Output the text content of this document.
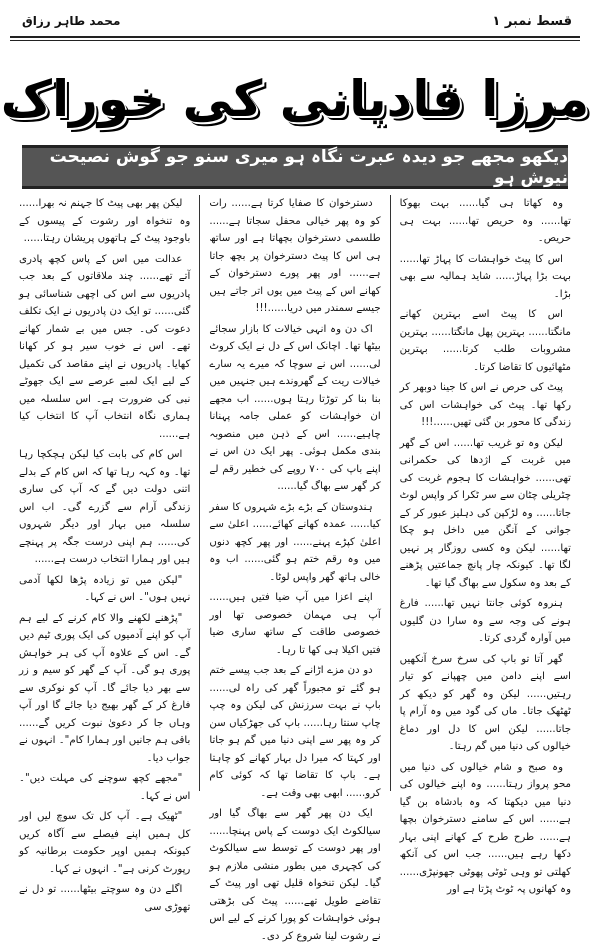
قسط نمبر ۱
محمد طاہر رزاق
مرزا قادیانی کی خوراک
دیکھو مجھے جو دیدہ عبرت نگاہ ہو میری سنو جو گوش نصیحت نیوش ہو

وہ کھاتا ہی گیا...... بہت بھوکا تھا...... وہ حریص تھا...... بہت ہی حریص۔

اس کا پیٹ خواہشات کا پہاڑ تھا...... بہت بڑا پہاڑ...... شاید ہمالیہ سے بھی بڑا۔

اس کا پیٹ اسے بہترین کھانے مانگتا...... بہترین پھل مانگتا...... بہترین مشروبات طلب کرتا...... بہترین مٹھائیوں کا تقاضا کرتا۔

پیٹ کی حرص نے اس کا جینا دوبھر کر رکھا تھا۔ پیٹ کی خواہشات اس کی زندگی کا محور بن گئی تھیں......!!!

لیکن وہ تو غریب تھا...... اس کے گھر میں غربت کے اژدھا کی حکمرانی تھی...... خواہشات کا ہجوم غربت کی چٹریلی چٹان سے سر ٹکرا کر واپس لوٹ جاتا...... وہ لڑکپن کی دہلیز عبور کر کے جوانی کے آنگن میں داخل ہو چکا تھا...... لیکن وہ کسی روزگار پر نہیں لگا تھا۔ کیونکہ چار پانچ جماعتیں پڑھنے کے بعد وہ سکول سے بھاگ گیا تھا۔

ہنروہ کوئی جانتا نہیں تھا...... فارغ ہونے کی وجہ سے وہ سارا دن گلیوں میں آوارہ گردی کرتا۔

گھر آتا تو باپ کی سرخ سرخ آنکھیں اسے اپنے دامن میں چھپانے کو تیار رہتیں...... لیکن وہ گھر کو دیکھ کر ٹھٹھک جاتا۔ ماں کی گود میں وہ آرام پا جاتا...... لیکن اس کا دل اور دماغ خیالوں کی دنیا میں گم رہتا۔

وہ صبح و شام خیالوں کی دنیا میں محو پرواز رہتا...... وہ اپنے خیالوں کی دنیا میں دیکھتا کہ وہ بادشاہ بن گیا ہے...... اس کے سامنے دسترخوان بچھا ہے...... طرح طرح کے کھانے اپنی بہار دکھا رہے ہیں...... جب اس کی آنکھ کھلتی تو وہی ٹوٹی پھوٹی جھونپڑی...... وہ کھانوں پہ ٹوٹ پڑتا ہے اور

دسترخوان کا صفایا کرتا ہے...... رات کو وہ پھر خیالی محفل سجاتا ہے...... طلسمی دسترخوان بچھاتا ہے اور ساتھ ہی اس کا پیٹ دسترخوان پر بچھ جاتا ہے...... اور پھر پورے دسترخوان کے کھانے اس کے پیٹ میں یوں اتر جاتے ہیں جیسے سمندر میں دریا......!!!

اک دن وہ انہی خیالات کا بازار سجائے بیٹھا تھا۔ اچانک اس کے دل نے ایک کروٹ لی...... اس نے سوچا کہ میرے یہ سارے خیالات ریت کے گھروندے ہیں جنہیں میں بنا بنا کر توڑتا رہتا ہوں...... اب مجھے ان خواہشات کو عملی جامہ پہنانا چاہیے...... اس کے ذہن میں منصوبہ بندی مکمل ہوئی۔ پھر ایک دن اس نے اپنے باپ کی ۷۰۰ روپے کی خطیر رقم لے کر گھر سے بھاگ گیا......

ہندوستان کے بڑے بڑے شہروں کا سفر کیا...... عمدہ کھانے کھائے...... اعلیٰ سے اعلیٰ کپڑے پہنے...... اور پھر کچھ دنوں میں وہ رقم ختم ہو گئی...... اب وہ خالی ہاتھ گھر واپس لوٹا۔

اپنے اعزا میں آپ ضیا فتیں ہیں...... آپ ہی مہمان خصوصی تھا اور خصوصی طاقت کے ساتھ ساری ضیا فتیں اکیلا ہی کھا تا رہا۔

دو دن مزے اڑانے کے بعد جب پیسے ختم ہو گئے تو مجبوراً گھر کی راہ لی...... باپ نے بہت سرزنش کی لیکن وہ چپ چاپ سنتا رہا...... باپ کی جھڑکیاں سن کر وہ پھر سے اپنی دنیا میں گم ہو جاتا اور کہتا کہ میرا دل بہار کھانے کو چاہتا ہے۔ باپ کا تقاضا تھا کہ کوئی کام کرو...... ابھی بھی وقت ہے۔

ایک دن پھر گھر سے بھاگ گیا اور سیالکوٹ ایک دوست کے پاس پہنچا...... اور پھر دوست کے توسط سے سیالکوٹ کی کچہری میں بطور منشی ملازم ہو گیا۔ لیکن تنخواہ قلیل تھی اور پیٹ کے تقاضے طویل تھے...... پیٹ کی بڑھتی ہوئی خواہشات کو پورا کرنے کے لیے اس نے رشوت لینا شروع کر دی۔

لیکن پھر بھی پیٹ کا جہنم نہ بھرا...... وہ تنخواہ اور رشوت کے پیسوں کے باوجود پیٹ کے ہاتھوں پریشان رہتا......

عدالت میں اس کے پاس کچھ پادری آتے تھے...... چند ملاقاتوں کے بعد جب پادریوں سے اس کی اچھی شناسائی ہو گئی...... تو ایک دن پادریوں نے ایک تکلف دعوت کی۔ جس میں بے شمار کھانے تھے۔ اس نے خوب سیر ہو کر کھانا کھایا۔ پادریوں نے اپنے مقاصد کی تکمیل کے لیے ایک لمبے عرصے سے ایک جھوٹے نبی کی ضرورت ہے۔ اس سلسلہ میں ہماری نگاہ انتخاب آپ کا انتخاب کیا ہے......

اس کام کی بابت کیا لیکن ہچکچا رہا تھا۔ وہ کہہ رہا تھا کہ اس کام کے بدلے اتنی دولت دیں گے کہ آپ کی ساری زندگی آرام سے گزرے گی۔ اب اس سلسلہ میں بہار اور دیگر شہروں کی...... ہم اپنی درست جگہ پر پہنچے ہیں اور ہمارا انتخاب درست ہے......

"لیکن میں تو زیادہ پڑھا لکھا آدمی نہیں ہوں"۔ اس نے کہا۔

"پڑھنے لکھنے والا کام کرنے کے لیے ہم آپ کو اپنے آدمیوں کی ایک پوری ٹیم دیں گے۔ اس کے علاوہ آپ کی ہر خواہش پوری ہو گی۔ آپ کے گھر کو سیم و زر سے بھر دیا جائے گا۔ آپ کو نوکری سے فارغ کر کے گھر بھیج دیا جائے گا اور آپ وہاں جا کر دعویٰ نبوت کریں گے...... باقی ہم جانیں اور ہمارا کام"۔ انہوں نے جواب دیا۔

"مجھے کچھ سوچنے کی مہلت دیں"۔ اس نے کہا۔

"ٹھیک ہے۔ آپ کل تک سوچ لیں اور کل ہمیں اپنے فیصلے سے آگاہ کریں کیونکہ ہمیں اوپر حکومت برطانیہ کو رپورٹ کرنی ہے"۔ انہوں نے کہا۔

اگلے دن وہ سوچتے بیٹھا...... تو دل نے تھوڑی سی
